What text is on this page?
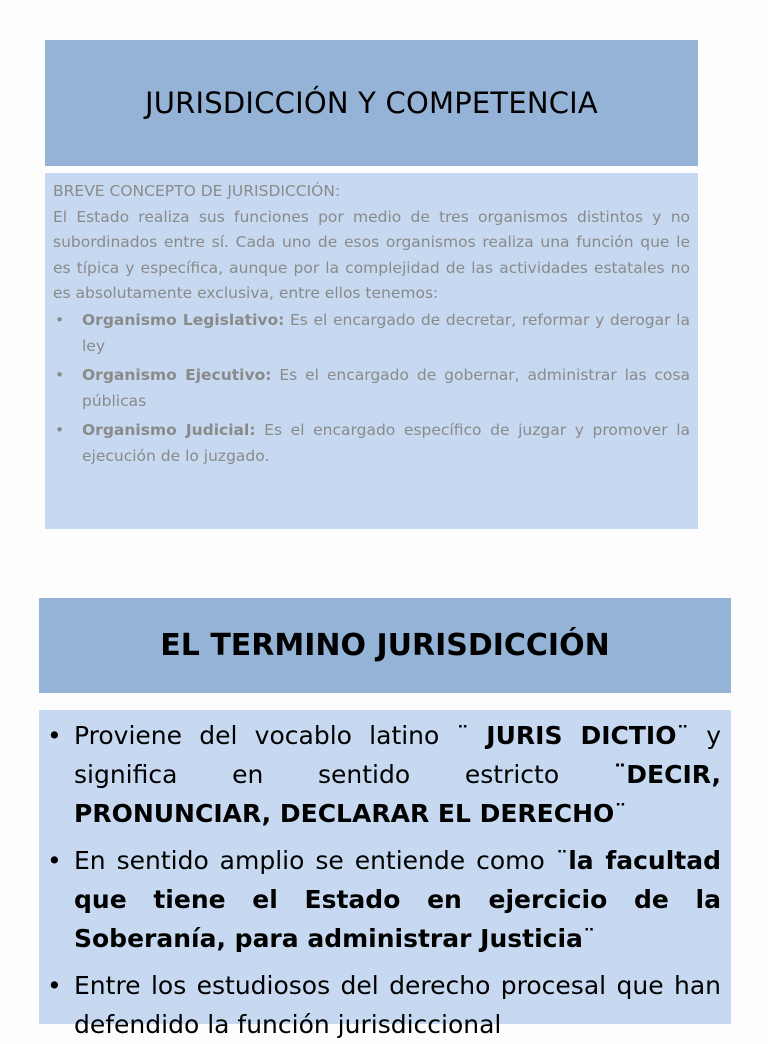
JURISDICCIÓN Y COMPETENCIA

BREVE CONCEPTO DE JURISDICCIÓN:

El Estado realiza sus funciones por medio de tres organismos distintos y no subordinados entre sí. Cada uno de esos organismos realiza una función que le es típica y específica, aunque por la complejidad de las actividades estatales no es absolutamente exclusiva, entre ellos tenemos:

• Organismo Legislativo: Es el encargado de decretar, reformar y derogar la ley
• Organismo Ejecutivo: Es el encargado de gobernar, administrar las cosa públicas
• Organismo Judicial: Es el encargado específico de juzgar y promover la ejecución de lo juzgado.
EL TERMINO JURISDICCIÓN
• Proviene del vocablo latino ¨ JURIS DICTIO¨ y significa en sentido estricto ¨DECIR, PRONUNCIAR, DECLARAR EL DERECHO¨
• En sentido amplio se entiende como ¨la facultad que tiene el Estado en ejercicio de la Soberanía, para administrar Justicia¨
• Entre los estudiosos del derecho procesal que han defendido la función jurisdiccional
